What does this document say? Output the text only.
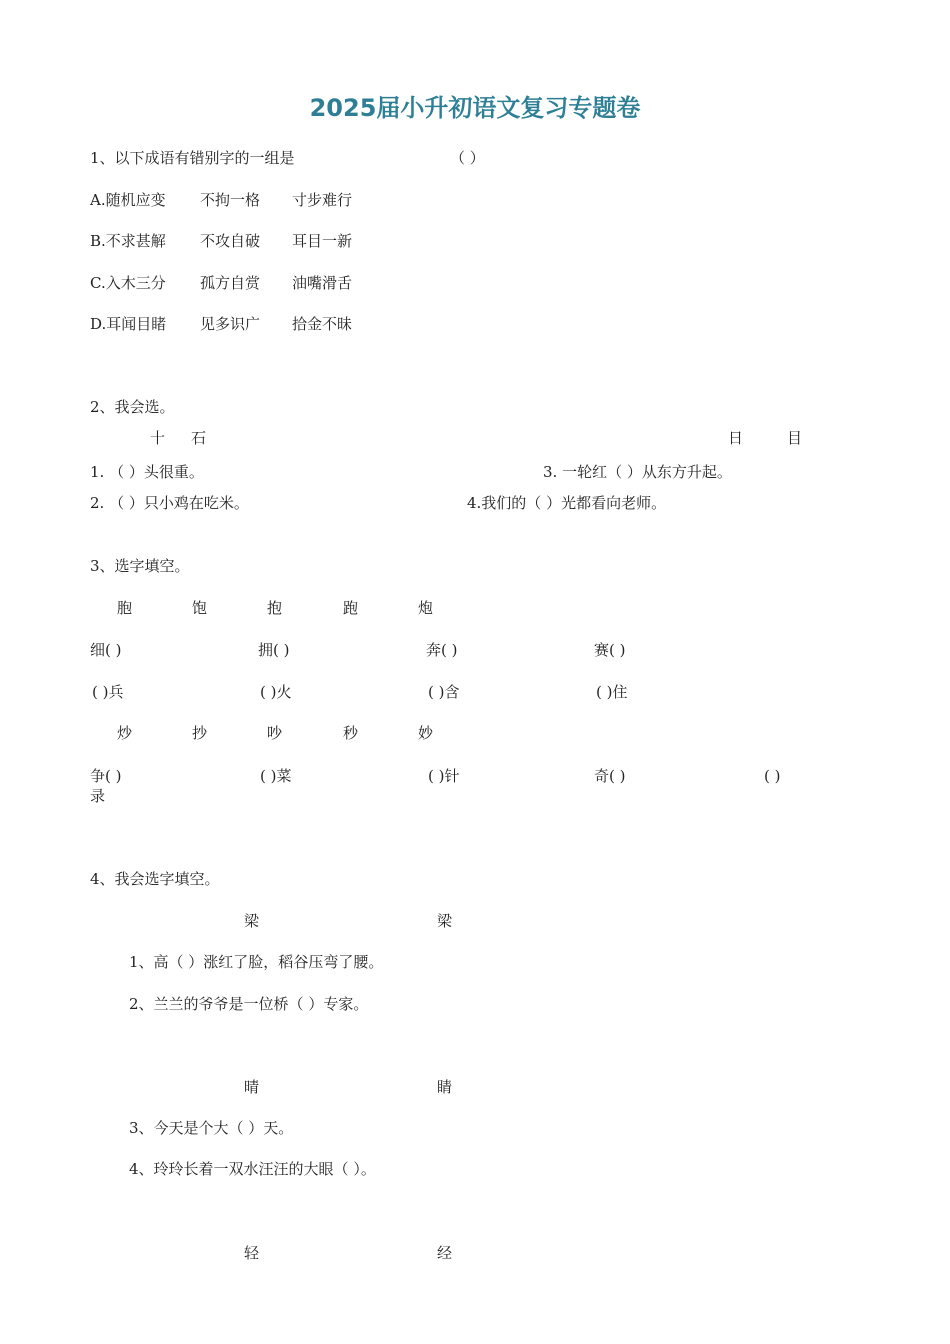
2025届小升初语文复习专题卷
1、以下成语有错别字的一组是	（ ）
A.随机应变 不拘一格 寸步难行
B.不求甚解 不攻自破 耳目一新
C.入木三分 孤方自赏 油嘴滑舌
D.耳闻目睹 见多识广 拾金不昧
2、我会选。
十 石	日	目
1. （ ）头很重。	3. 一轮红（ ）从东方升起。
2. （ ）只小鸡在吃米。	4.我们的（ ）光都看向老师。
3、选字填空。
胞	饱	抱	跑	炮
细( )	拥( )	奔( )	赛( )
( )兵	( )火	( )含	( )住
炒	抄	吵	秒	妙
争( )	( )菜	( )针	奇( )	( )
录
4、我会选字填空。
梁	梁
1、高（ ）涨红了脸，稻谷压弯了腰。
2、兰兰的爷爷是一位桥（ ）专家。
晴	睛
3、今天是个大（ ）天。
4、玲玲长着一双水汪汪的大眼（ ）。
轻	经
